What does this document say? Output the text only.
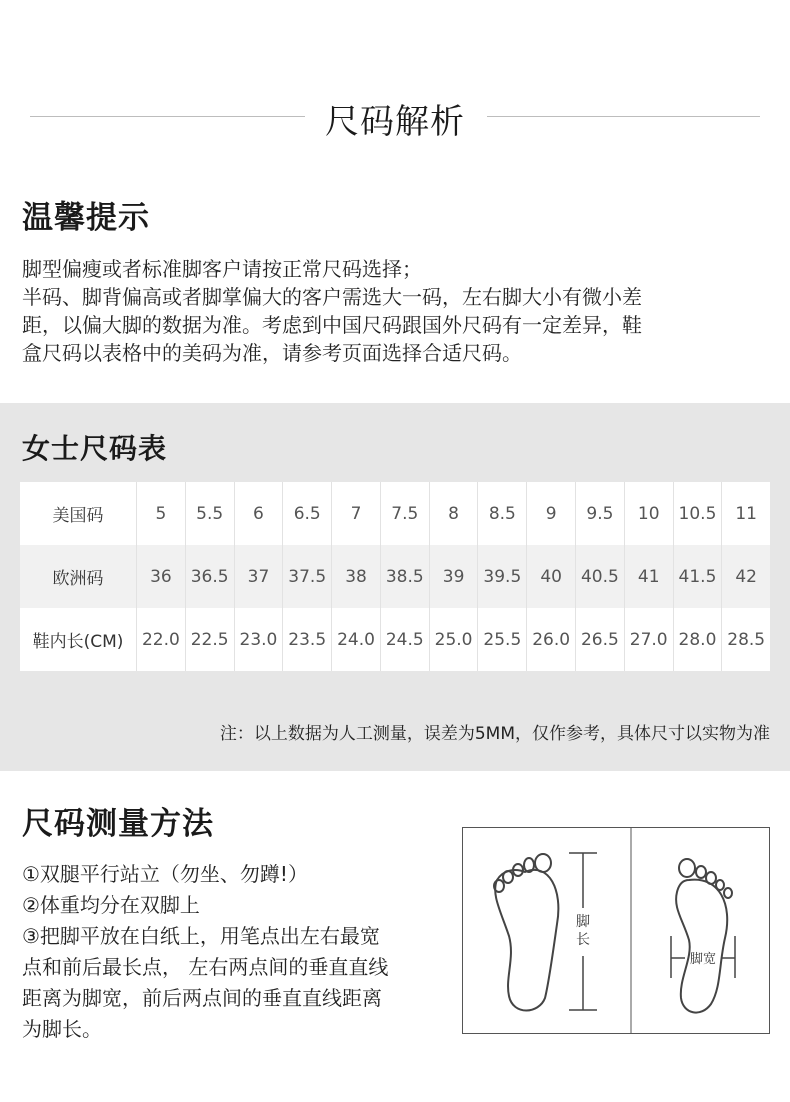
尺码解析
温馨提示
脚型偏瘦或者标准脚客户请按正常尺码选择；
半码、脚背偏高或者脚掌偏大的客户需选大一码，左右脚大小有微小差
距，以偏大脚的数据为准。考虑到中国尺码跟国外尺码有一定差异，鞋
盒尺码以表格中的美码为准，请参考页面选择合适尺码。
女士尺码表
美国码	5	5.5	6	6.5	7	7.5	8	8.5	9	9.5	10	10.5	11
欧洲码	36	36.5	37	37.5	38	38.5	39	39.5	40	40.5	41	41.5	42
鞋内长(CM)	22.0	22.5	23.0	23.5	24.0	24.5	25.0	25.5	26.0	26.5	27.0	28.0	28.5
注：以上数据为人工测量，误差为5MM，仅作参考，具体尺寸以实物为准
尺码测量方法
①双腿平行站立（勿坐、勿蹲!）
②体重均分在双脚上
③把脚平放在白纸上，用笔点出左右最宽
点和前后最长点， 左右两点间的垂直直线
距离为脚宽，前后两点间的垂直直线距离
为脚长。
脚
长
脚宽
